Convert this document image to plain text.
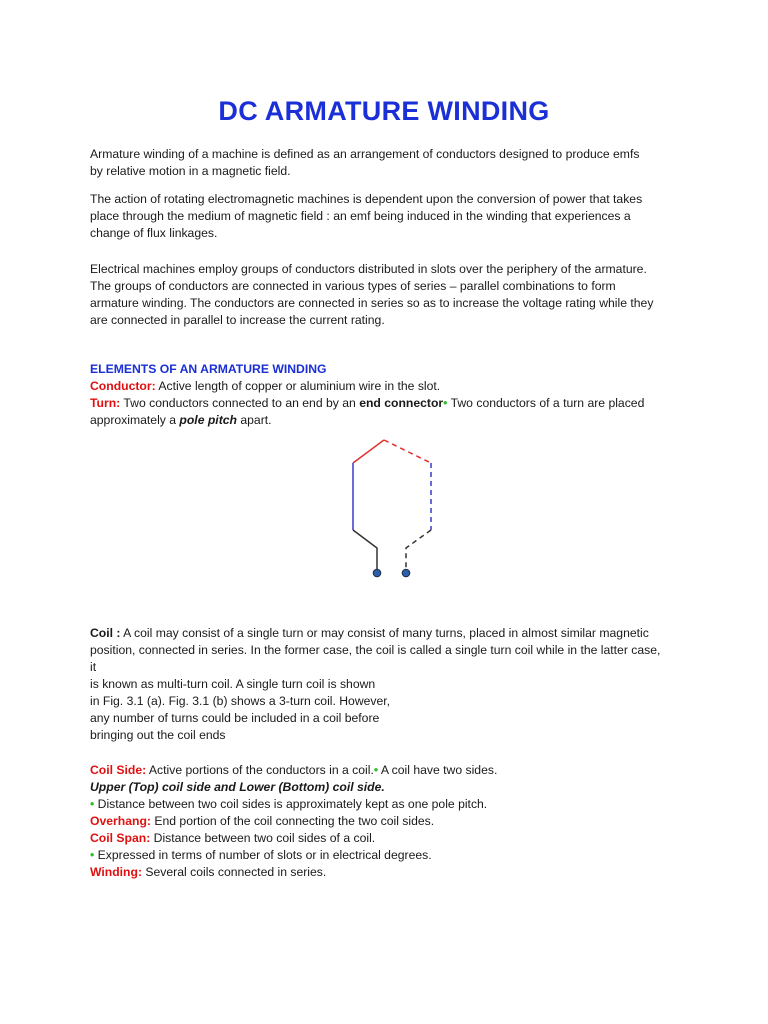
DC ARMATURE WINDING

Armature winding of a machine is defined as an arrangement of conductors designed to produce emfs
by relative motion in a magnetic field.

The action of rotating electromagnetic machines is dependent upon the conversion of power that takes
place through the medium of magnetic field : an emf being induced in the winding that experiences a
change of flux linkages.

Electrical machines employ groups of conductors distributed in slots over the periphery of the armature.
The groups of conductors are connected in various types of series – parallel combinations to form
armature winding. The conductors are connected in series so as to increase the voltage rating while they
are connected in parallel to increase the current rating.

ELEMENTS OF AN ARMATURE WINDING

Conductor: Active length of copper or aluminium wire in the slot.
Turn: Two conductors connected to an end by an end connector• Two conductors of a turn are placed
approximately a pole pitch apart.

Coil : A coil may consist of a single turn or may consist of many turns, placed in almost similar magnetic
position, connected in series. In the former case, the coil is called a single turn coil while in the latter case,
it
is known as multi-turn coil. A single turn coil is shown
in Fig. 3.1 (a). Fig. 3.1 (b) shows a 3-turn coil. However,
any number of turns could be included in a coil before
bringing out the coil ends

Coil Side: Active portions of the conductors in a coil.• A coil have two sides.
Upper (Top) coil side and Lower (Bottom) coil side.
• Distance between two coil sides is approximately kept as one pole pitch.
Overhang: End portion of the coil connecting the two coil sides.
Coil Span: Distance between two coil sides of a coil.
• Expressed in terms of number of slots or in electrical degrees.
Winding: Several coils connected in series.
